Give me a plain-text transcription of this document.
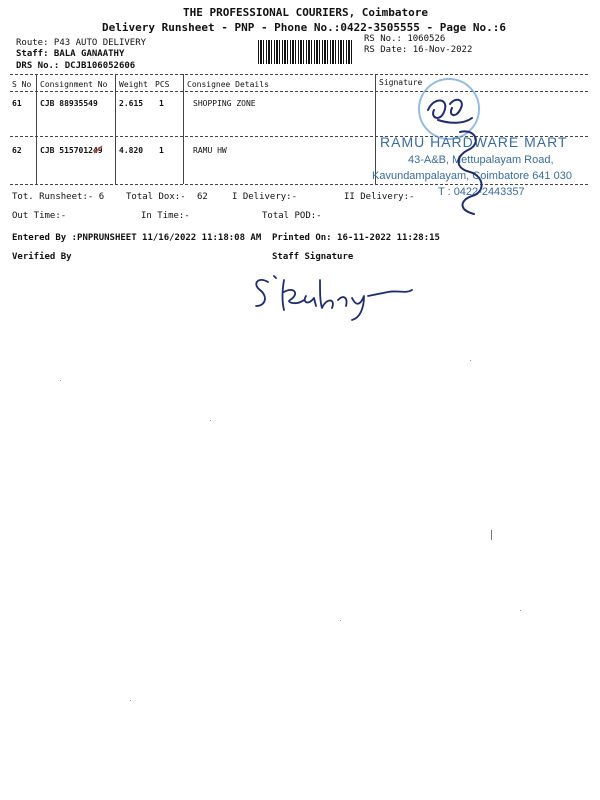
THE PROFESSIONAL COURIERS, Coimbatore
Delivery Runsheet - PNP - Phone No.:0422-3505555 - Page No.:6
Route: P43 AUTO DELIVERY
Staff: BALA GANAATHY
DRS No.: DCJB106052606
RS No.: 1060526
RS Date: 16-Nov-2022
S No Consignment No Weight PCS Consignee Details	Signature
61 CJB 88935549	2.615 1	SHOPPING ZONE
62 CJB 515701249 4.820 1	RAMU HW
RAMU HARDWARE MART
43-A&B, Mettupalayam Road,
Kavundampalayam, Coimbatore 641 030
T : 0422-2443357
Tot. Runsheet:- 6 Total Dox:- 62	I Delivery:-	II Delivery:-
Out Time:-	In Time:-	Total POD:-
Entered By :PNPRUNSHEET 11/16/2022 11:18:08 AM Printed On: 16-11-2022 11:28:15
Verified By	Staff Signature
